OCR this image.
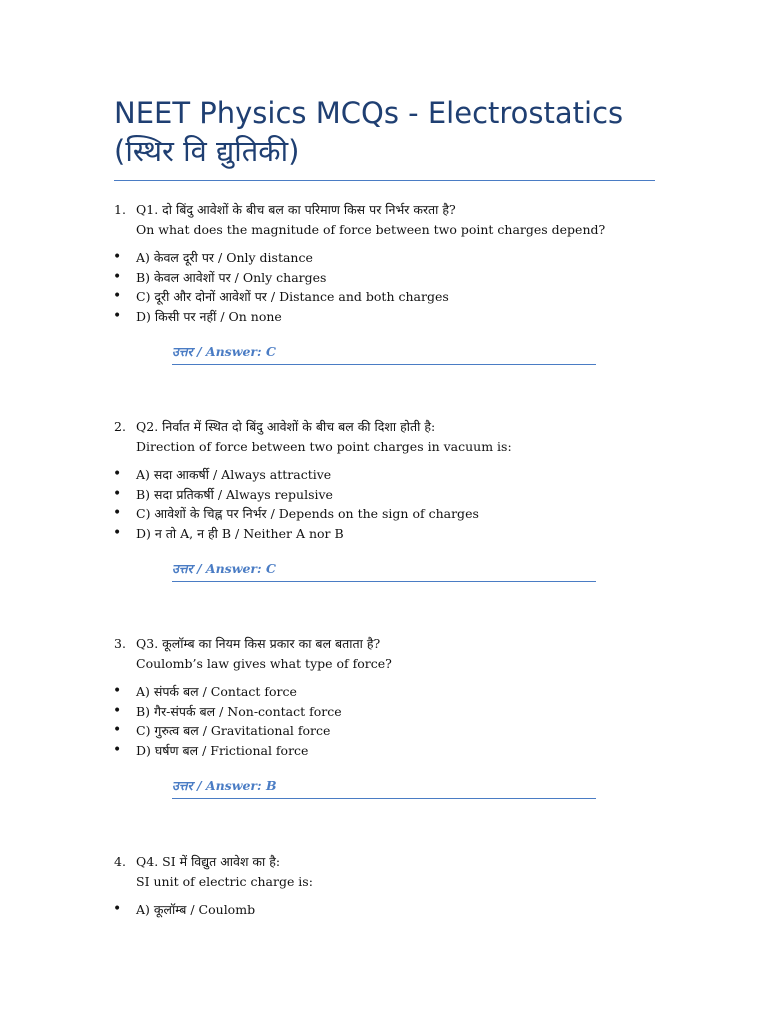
NEET Physics MCQs - Electrostatics
(स्थिर वि द्युतिकी)
1. Q1. दो बिंदु आवेशों के बीच बल का परिमाण किस पर निर्भर करता है?
On what does the magnitude of force between two point charges depend?
• A) केवल दूरी पर / Only distance
• B) केवल आवेशों पर / Only charges
• C) दूरी और दोनों आवेशों पर / Distance and both charges
• D) किसी पर नहीं / On none
उत्तर / Answer: C
2. Q2. निर्वात में स्थित दो बिंदु आवेशों के बीच बल की दिशा होती है:
Direction of force between two point charges in vacuum is:
• A) सदा आकर्षी / Always attractive
• B) सदा प्रतिकर्षी / Always repulsive
• C) आवेशों के चिह्न पर निर्भर / Depends on the sign of charges
• D) न तो A, न ही B / Neither A nor B
उत्तर / Answer: C
3. Q3. कूलॉम्ब का नियम किस प्रकार का बल बताता है?
Coulomb’s law gives what type of force?
• A) संपर्क बल / Contact force
• B) गैर-संपर्क बल / Non-contact force
• C) गुरुत्व बल / Gravitational force
• D) घर्षण बल / Frictional force
उत्तर / Answer: B
4. Q4. SI में विद्युत आवेश का है:
SI unit of electric charge is:
• A) कूलॉम्ब / Coulomb
